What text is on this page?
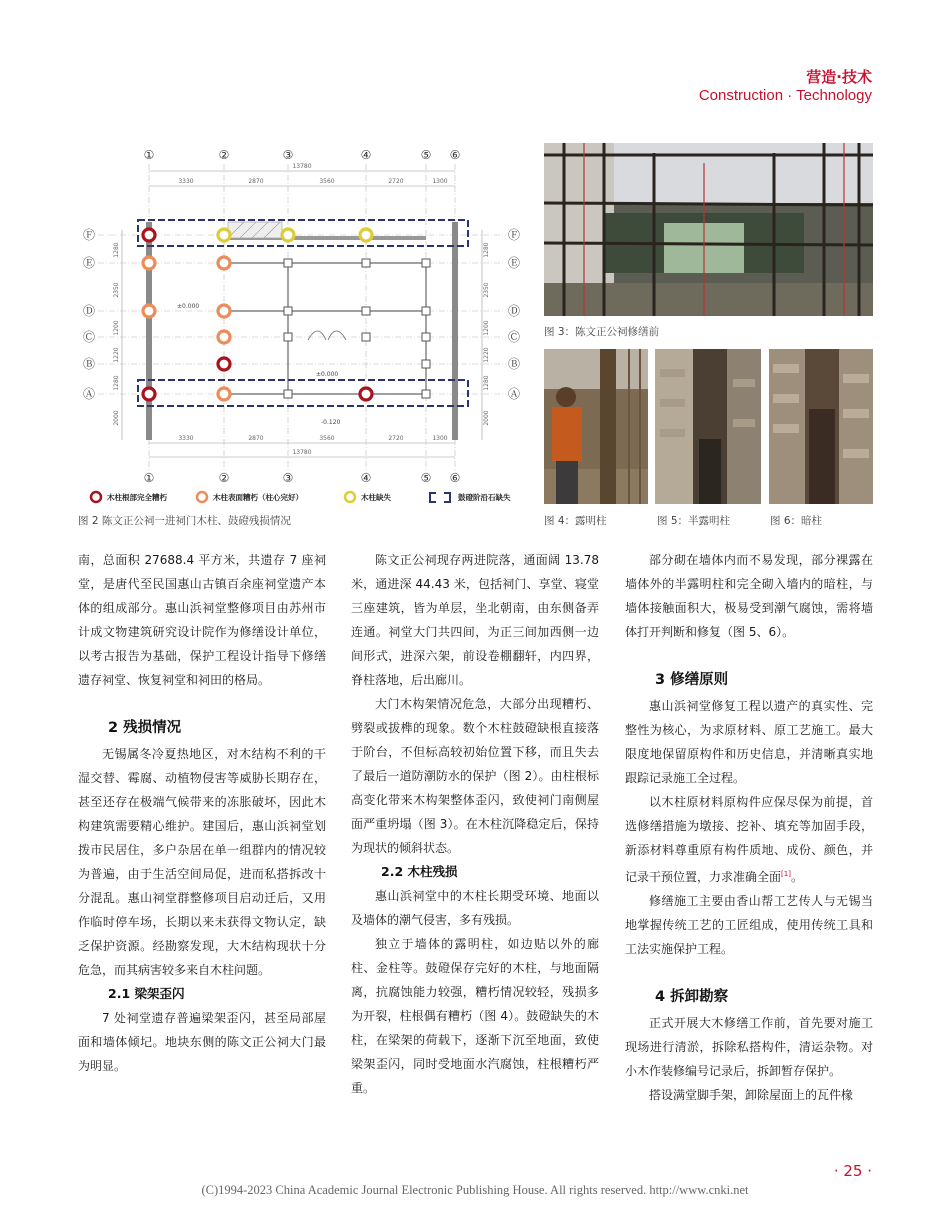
营造·技术
Construction · Technology
①	②	③	④	⑤ ⑥
①	②	③	④	⑤ ⑥
Ⓕ
Ⓔ
Ⓓ
Ⓒ
Ⓑ
Ⓐ
Ⓕ
Ⓔ
Ⓓ
Ⓒ
Ⓑ
Ⓐ
13780
3330	2870	3560	2720	1300
3330	2870	3560	2720	1300
13780
1280
2350
1200
1220
1280
2000
1280
2350
1200
1220
1280
2000
±0.000
±0.000
-0.120
木柱根部完全糟朽	木柱表面糟朽（柱心完好）	木柱缺失	鼓磴阶沿石缺失
图 2 陈文正公祠一进祠门木柱、鼓磴残损情况
图 3：陈文正公祠修缮前
图 4：露明柱	图 5：半露明柱	图 6：暗柱

南，总面积 27688.4 平方米，共遗存 7 座祠堂，是唐代至民国惠山古镇百余座祠堂遗产本体的组成部分。惠山浜祠堂整修项目由苏州市计成文物建筑研究设计院作为修缮设计单位，以考古报告为基础，保护工程设计指导下修缮遗存祠堂、恢复祠堂和祠田的格局。

2 残损情况

无锡属冬冷夏热地区，对木结构不利的干湿交替、霉腐、动植物侵害等威胁长期存在，甚至还存在极端气候带来的冻胀破坏，因此木构建筑需要精心维护。建国后，惠山浜祠堂划拨市民居住，多户杂居在单一组群内的情况较为普遍，由于生活空间局促，进而私搭拆改十分混乱。惠山祠堂群整修项目启动迁后，又用作临时停车场，长期以来未获得文物认定，缺乏保护资源。经勘察发现，大木结构现状十分危急，而其病害较多来自木柱问题。

2.1 梁架歪闪

7 处祠堂遗存普遍梁架歪闪，甚至局部屋面和墙体倾圮。地块东侧的陈文正公祠大门最为明显。

陈文正公祠现存两进院落，通面阔 13.78 米，通进深 44.43 米，包括祠门、享堂、寝堂三座建筑，皆为单层，坐北朝南，由东侧备弄连通。祠堂大门共四间，为正三间加西侧一边间形式，进深六架，前设卷棚翻轩，内四界，脊柱落地，后出廊川。

大门木构架情况危急，大部分出现糟朽、劈裂或拔榫的现象。数个木柱鼓磴缺根直接落于阶台，不但标高较初始位置下移，而且失去了最后一道防潮防水的保护（图 2）。由柱根标高变化带来木构架整体歪闪，致使祠门南侧屋面严重坍塌（图 3）。在木柱沉降稳定后，保持为现状的倾斜状态。

2.2 木柱残损

惠山浜祠堂中的木柱长期受环境、地面以及墙体的潮气侵害，多有残损。

独立于墙体的露明柱，如边贴以外的廊柱、金柱等。鼓磴保存完好的木柱，与地面隔离，抗腐蚀能力较强，糟朽情况较轻，残损多为开裂，柱根偶有糟朽（图 4）。鼓磴缺失的木柱，在梁架的荷载下，逐渐下沉至地面，致使梁架歪闪，同时受地面水汽腐蚀，柱根糟朽严重。

部分砌在墙体内而不易发现，部分裸露在墙体外的半露明柱和完全砌入墙内的暗柱，与墙体接触面积大，极易受到潮气腐蚀，需将墙体打开判断和修复（图 5、6）。

3 修缮原则

惠山浜祠堂修复工程以遗产的真实性、完整性为核心，为求原材料、原工艺施工。最大限度地保留原构件和历史信息，并清晰真实地跟踪记录施工全过程。

以木柱原材料原构件应保尽保为前提，首选修缮措施为墩接、挖补、填充等加固手段，新添材料尊重原有构件质地、成份、颜色，并记录干预位置，力求准确全面[1]。

修缮施工主要由香山帮工艺传人与无锡当地掌握传统工艺的工匠组成，使用传统工具和工法实施保护工程。

4 拆卸勘察

正式开展大木修缮工作前，首先要对施工现场进行清淤，拆除私搭构件，清运杂物。对小木作装修编号记录后，拆卸暂存保护。

搭设满堂脚手架，卸除屋面上的瓦件椽

· 25 ·
(C)1994-2023 China Academic Journal Electronic Publishing House. All rights reserved. http://www.cnki.net
